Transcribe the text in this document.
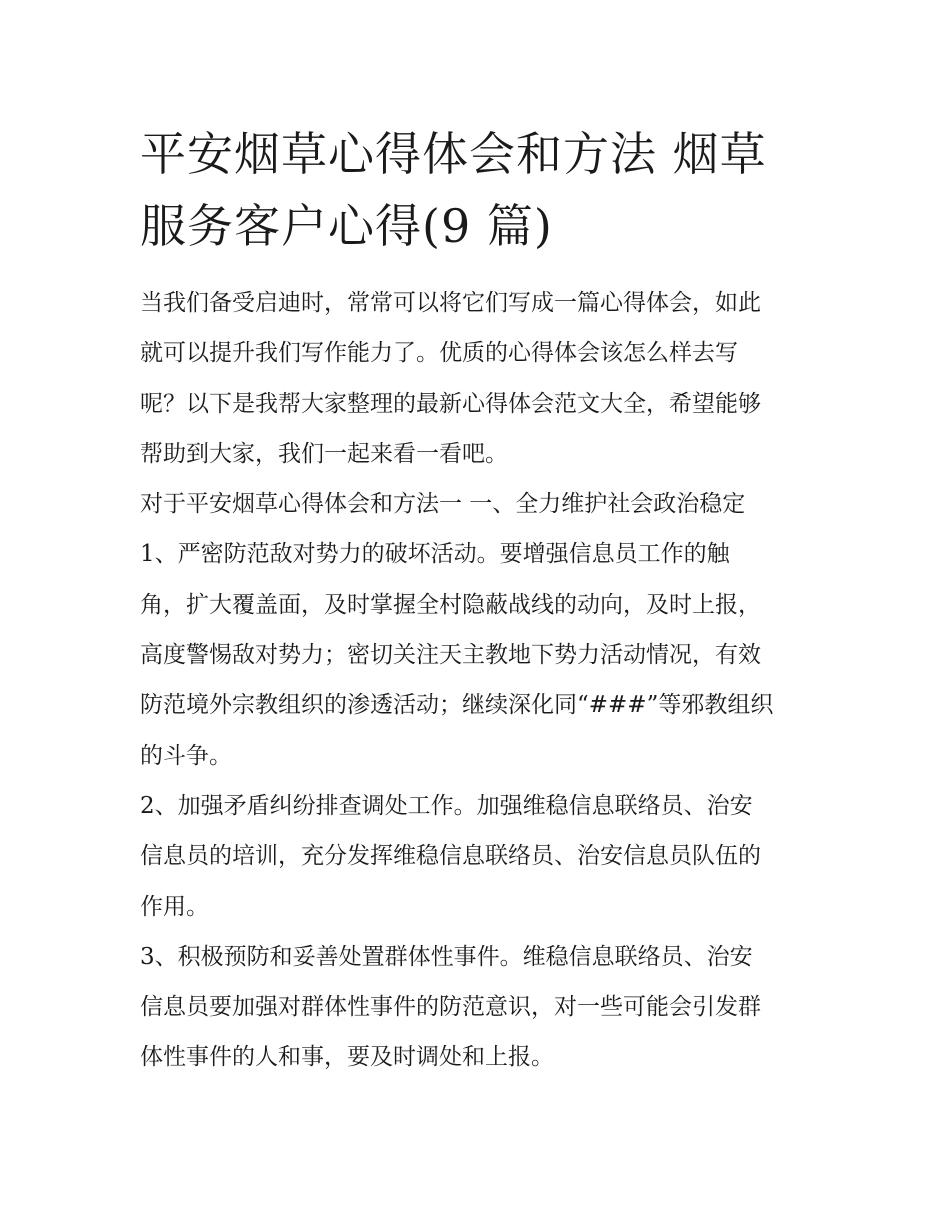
平安烟草心得体会和方法 烟草
服务客户心得(9 篇)

当我们备受启迪时，常常可以将它们写成一篇心得体会，如此
就可以提升我们写作能力了。优质的心得体会该怎么样去写
呢？以下是我帮大家整理的最新心得体会范文大全，希望能够
帮助到大家，我们一起来看一看吧。

对于平安烟草心得体会和方法一 一、全力维护社会政治稳定

1、严密防范敌对势力的破坏活动。要增强信息员工作的触
角，扩大覆盖面，及时掌握全村隐蔽战线的动向，及时上报，
高度警惕敌对势力；密切关注天主教地下势力活动情况，有效
防范境外宗教组织的渗透活动；继续深化同“###”等邪教组织
的斗争。

2、加强矛盾纠纷排查调处工作。加强维稳信息联络员、治安
信息员的培训，充分发挥维稳信息联络员、治安信息员队伍的
作用。

3、积极预防和妥善处置群体性事件。维稳信息联络员、治安
信息员要加强对群体性事件的防范意识，对一些可能会引发群
体性事件的人和事，要及时调处和上报。
